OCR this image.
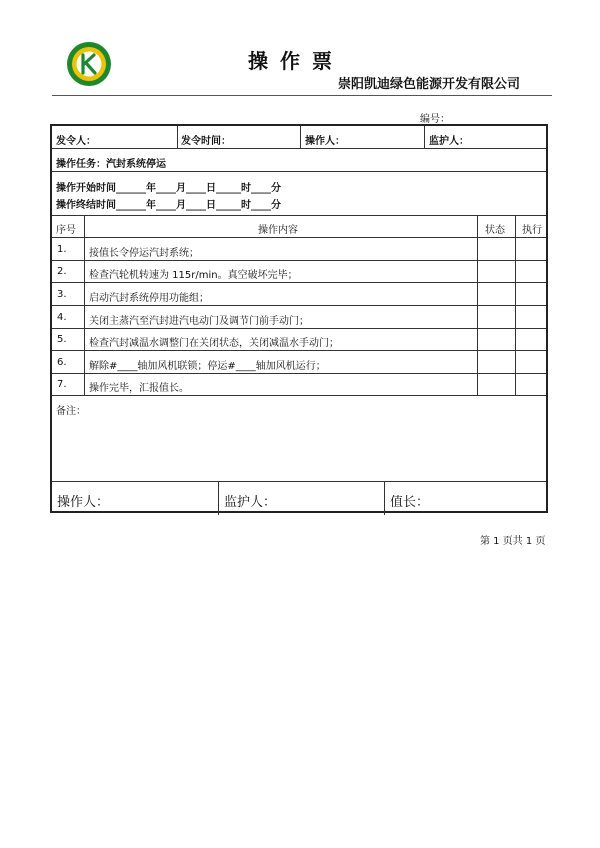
操作票
崇阳凯迪绿色能源开发有限公司
编号：
发令人：	发令时间：	操作人：	监护人：
操作任务：汽封系统停运
操作开始时间______年____月____日_____时____分
操作终结时间______年____月____日_____时____分
序号	操作内容	状态 执行
1. 接值长令停运汽封系统；
2. 检查汽轮机转速为 115r/min。真空破坏完毕；
3. 启动汽封系统停用功能组；
4. 关闭主蒸汽至汽封进汽电动门及调节门前手动门；
5. 检查汽封减温水调整门在关闭状态，关闭减温水手动门；
6. 解除#____轴加风机联锁；停运#____轴加风机运行；
7. 操作完毕，汇报值长。
备注：
操作人：	监护人：	值长：
第 1 页共 1 页
